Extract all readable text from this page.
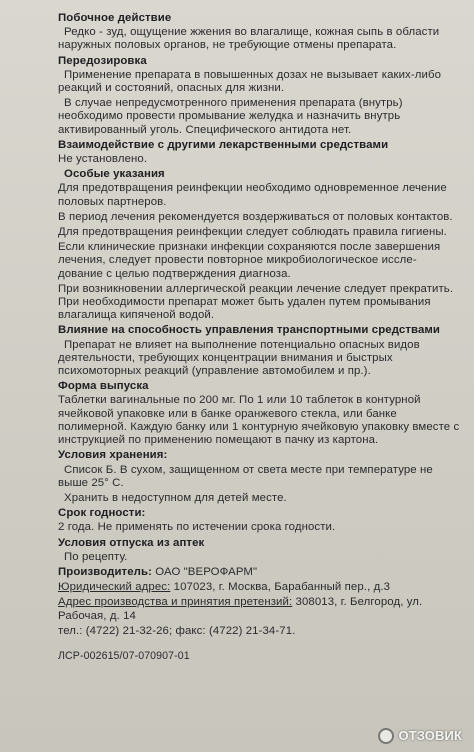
Побочное действие
Редко - зуд, ощущение жжения во влагалище, кожная сыпь в области наружных половых органов, не требующие отмены препарата.
Передозировка
Применение препарата в повышенных дозах не вызывает каких-либо реакций и состояний, опасных для жизни.
В случае непредусмотренного применения препарата (внутрь) необходимо провести промывание желудка и назначить внутрь активированный уголь. Специфического антидота нет.
Взаимодействие с другими лекарственными средствами
Не установлено.
Особые указания
Для предотвращения реинфекции необходимо одновременное лечение половых партнеров.
В период лечения рекомендуется воздерживаться от половых контактов.
Для предотвращения реинфекции следует соблюдать правила гигиены.
Если клинические признаки инфекции сохраняются после завершения лечения, следует провести повторное микробиологическое иссле-дование с целью подтверждения диагноза.
При возникновении аллергической реакции лечение следует прекратить. При необходимости препарат может быть удален путем промывания влагалища кипяченой водой.
Влияние на способность управления транспортными средствами
Препарат не влияет на выполнение потенциально опасных видов деятельности, требующих концентрации внимания и быстрых психомоторных реакций (управление автомобилем и пр.).
Форма выпуска
Таблетки вагинальные по 200 мг. По 1 или 10 таблеток в контурной ячейковой упаковке или в банке оранжевого стекла, или банке полимерной. Каждую банку или 1 контурную ячейковую упаковку вместе с инструкцией по применению помещают в пачку из картона.
Условия хранения:
Список Б. В сухом, защищенном от света месте при температуре не выше 25° С.
Хранить в недоступном для детей месте.
Срок годности:
2 года. Не применять по истечении срока годности.
Условия отпуска из аптек
По рецепту.
Производитель: ОАО "ВЕРОФАРМ"
Юридический адрес: 107023, г. Москва, Барабанный пер., д.3
Адрес производства и принятия претензий: 308013, г. Белгород, ул. Рабочая, д. 14
тел.: (4722) 21-32-26; факс: (4722) 21-34-71.
ЛСР-002615/07-070907-01
ОТЗОВИК
